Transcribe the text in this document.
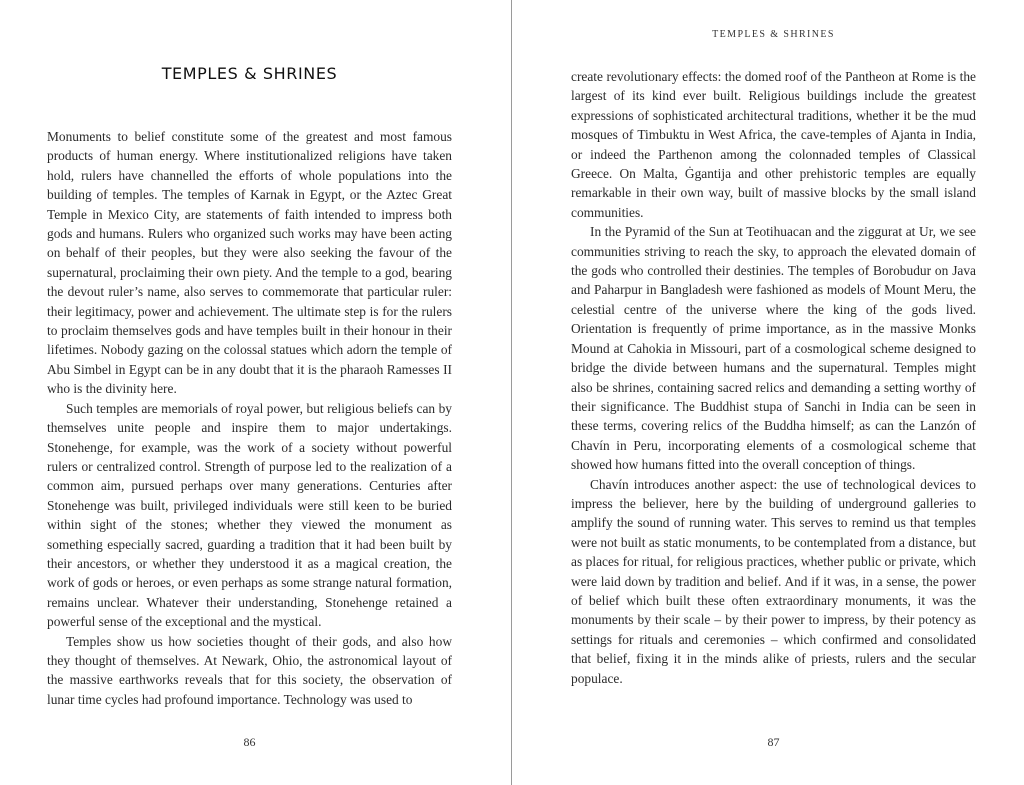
TEMPLES & SHRINES

Monuments to belief constitute some of the greatest and most famous products of human energy. Where institutionalized religions have taken hold, rulers have channelled the efforts of whole populations into the building of temples. The temples of Karnak in Egypt, or the Aztec Great Temple in Mexico City, are statements of faith intended to impress both gods and humans. Rulers who organized such works may have been acting on behalf of their peoples, but they were also seeking the favour of the supernatural, proclaiming their own piety. And the temple to a god, bearing the devout ruler’s name, also serves to commemorate that particular ruler: their legitimacy, power and achievement. The ultimate step is for the rulers to proclaim themselves gods and have temples built in their honour in their lifetimes. Nobody gazing on the colossal statues which adorn the temple of Abu Simbel in Egypt can be in any doubt that it is the pharaoh Ramesses II who is the divinity here.

Such temples are memorials of royal power, but religious beliefs can by themselves unite people and inspire them to major undertakings. Stonehenge, for example, was the work of a society without powerful rulers or centralized control. Strength of purpose led to the realization of a common aim, pursued perhaps over many generations. Centuries after Stonehenge was built, privileged individuals were still keen to be buried within sight of the stones; whether they viewed the monument as something especially sacred, guarding a tradition that it had been built by their ancestors, or whether they understood it as a magical creation, the work of gods or heroes, or even perhaps as some strange natural formation, remains unclear. Whatever their understanding, Stonehenge retained a powerful sense of the exceptional and the mystical.

Temples show us how societies thought of their gods, and also how they thought of themselves. At Newark, Ohio, the astronomical layout of the massive earthworks reveals that for this society, the observation of lunar time cycles had profound importance. Technology was used to

86
TEMPLES & SHRINES

create revolutionary effects: the domed roof of the Pantheon at Rome is the largest of its kind ever built. Religious buildings include the greatest expressions of sophisticated architectural traditions, whether it be the mud mosques of Timbuktu in West Africa, the cave-temples of Ajanta in India, or indeed the Parthenon among the colonnaded temples of Classical Greece. On Malta, Ġgantija and other prehistoric temples are equally remarkable in their own way, built of massive blocks by the small island communities.

In the Pyramid of the Sun at Teotihuacan and the ziggurat at Ur, we see communities striving to reach the sky, to approach the elevated domain of the gods who controlled their destinies. The temples of Borobudur on Java and Paharpur in Bangladesh were fashioned as models of Mount Meru, the celestial centre of the universe where the king of the gods lived. Orientation is frequently of prime importance, as in the massive Monks Mound at Cahokia in Missouri, part of a cosmological scheme designed to bridge the divide between humans and the supernatural. Temples might also be shrines, containing sacred relics and demanding a setting worthy of their significance. The Buddhist stupa of Sanchi in India can be seen in these terms, covering relics of the Buddha himself; as can the Lanzón of Chavín in Peru, incorporating elements of a cosmological scheme that showed how humans fitted into the overall conception of things.

Chavín introduces another aspect: the use of technological devices to impress the believer, here by the building of underground galleries to amplify the sound of running water. This serves to remind us that temples were not built as static monuments, to be contemplated from a distance, but as places for ritual, for religious practices, whether public or private, which were laid down by tradition and belief. And if it was, in a sense, the power of belief which built these often extraordinary monuments, it was the monuments by their scale – by their power to impress, by their potency as settings for rituals and ceremonies – which confirmed and consolidated that belief, fixing it in the minds alike of priests, rulers and the secular populace.

87
